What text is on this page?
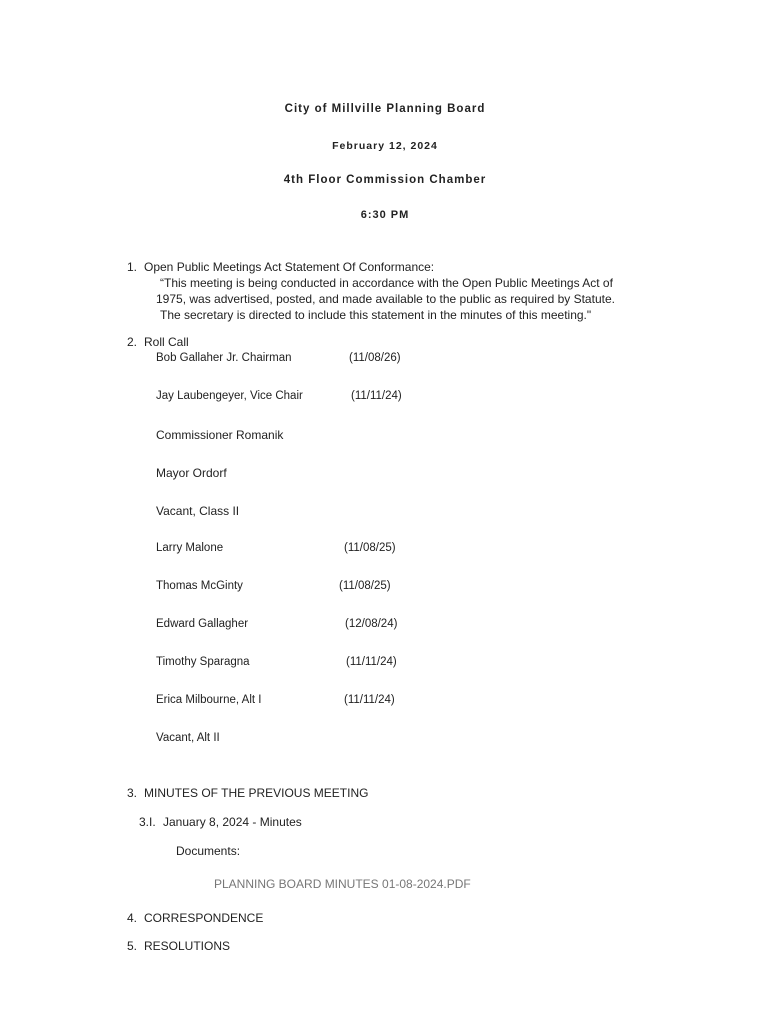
City of Millville Planning Board
February 12, 2024
4th Floor Commission Chamber
6:30 PM
1. Open Public Meetings Act Statement Of Conformance:
“This meeting is being conducted in accordance with the Open Public Meetings Act of
1975, was advertised, posted, and made available to the public as required by Statute.
The secretary is directed to include this statement in the minutes of this meeting."
2. Roll Call
Bob Gallaher Jr. Chairman	(11/08/26)
Jay Laubengeyer, Vice Chair	(11/11/24)
Commissioner Romanik
Mayor Ordorf
Vacant, Class II
Larry Malone	(11/08/25)
Thomas McGinty	(11/08/25)
Edward Gallagher	(12/08/24)
Timothy Sparagna	(11/11/24)
Erica Milbourne, Alt I	(11/11/24)
Vacant, Alt II
3. MINUTES OF THE PREVIOUS MEETING
3.I. January 8, 2024 - Minutes
Documents:
PLANNING BOARD MINUTES 01-08-2024.PDF
4. CORRESPONDENCE
5. RESOLUTIONS
